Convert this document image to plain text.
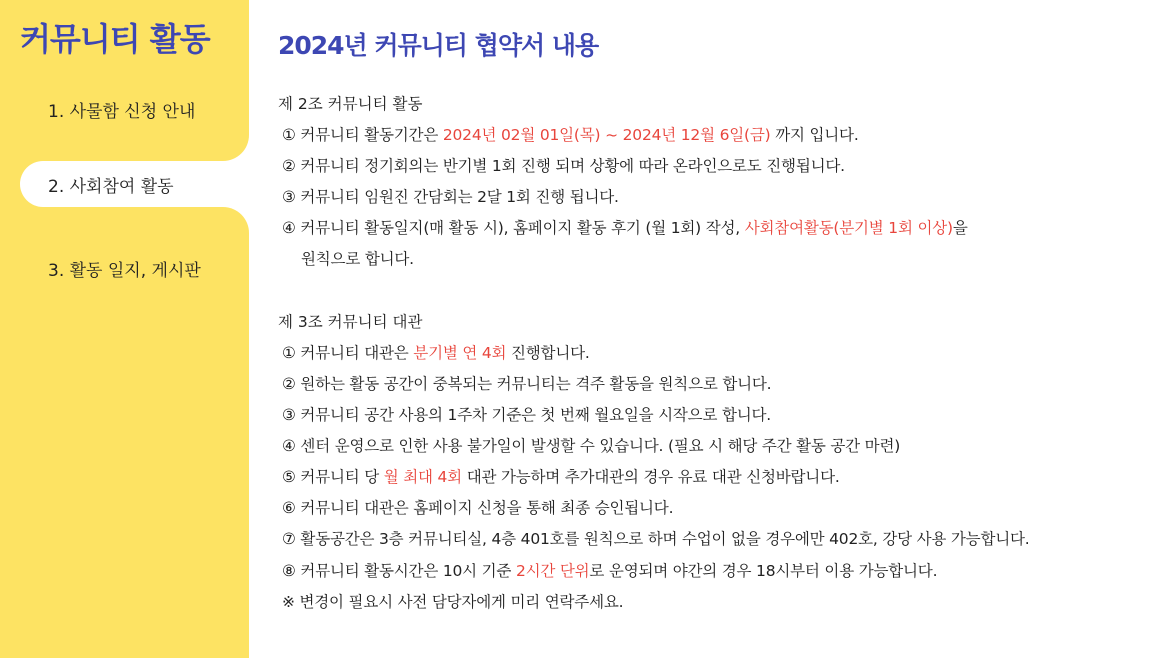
커뮤니티 활동
1. 사물함 신청 안내
2. 사회참여 활동
3. 활동 일지, 게시판
2024년 커뮤니티 협약서 내용
제 2조 커뮤니티 활동
① 커뮤니티 활동기간은 2024년 02월 01일(목) ~ 2024년 12월 6일(금) 까지 입니다.
② 커뮤니티 정기회의는 반기별 1회 진행 되며 상황에 따라 온라인으로도 진행됩니다.
③ 커뮤니티 임원진 간담회는 2달 1회 진행 됩니다.
④ 커뮤니티 활동일지(매 활동 시), 홈페이지 활동 후기 (월 1회) 작성, 사회참여활동(분기별 1회 이상)을
원칙으로 합니다.
제 3조 커뮤니티 대관
① 커뮤니티 대관은 분기별 연 4회 진행합니다.
② 원하는 활동 공간이 중복되는 커뮤니티는 격주 활동을 원칙으로 합니다.
③ 커뮤니티 공간 사용의 1주차 기준은 첫 번째 월요일을 시작으로 합니다.
④ 센터 운영으로 인한 사용 불가일이 발생할 수 있습니다. (필요 시 해당 주간 활동 공간 마련)
⑤ 커뮤니티 당 월 최대 4회 대관 가능하며 추가대관의 경우 유료 대관 신청바랍니다.
⑥ 커뮤니티 대관은 홈페이지 신청을 통해 최종 승인됩니다.
⑦ 활동공간은 3층 커뮤니티실, 4층 401호를 원칙으로 하며 수업이 없을 경우에만 402호, 강당 사용 가능합니다.
⑧ 커뮤니티 활동시간은 10시 기준 2시간 단위로 운영되며 야간의 경우 18시부터 이용 가능합니다.
※ 변경이 필요시 사전 담당자에게 미리 연락주세요.
